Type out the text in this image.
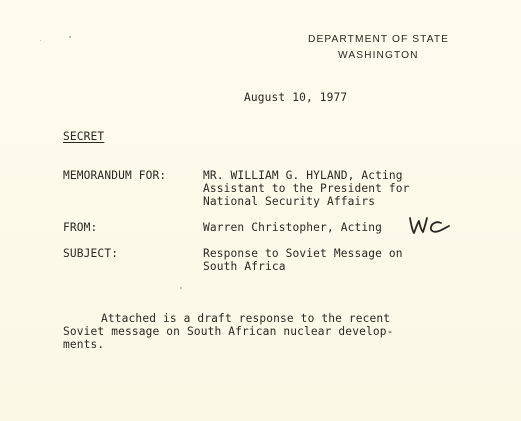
DEPARTMENT OF STATE
WASHINGTON
August 10, 1977
SECRET
MEMORANDUM FOR:	MR. WILLIAM G. HYLAND, Acting
Assistant to the President for
National Security Affairs
FROM:	Warren Christopher, Acting
SUBJECT:	Response to Soviet Message on
South Africa
Attached is a draft response to the recent
Soviet message on South African nuclear develop-
ments.
